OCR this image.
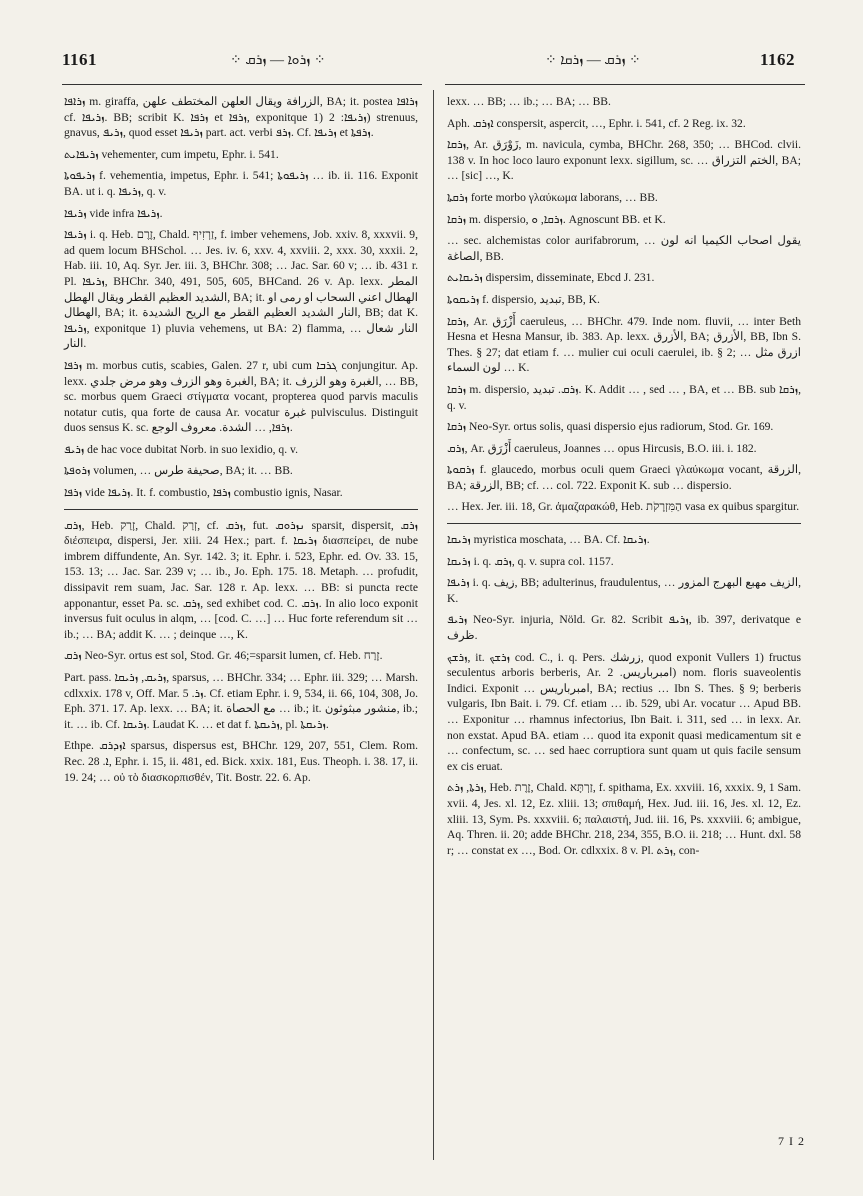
1161	⁘ ܙܪܘܐ — ܙܪܩ ⁘	⁘ ܙܪܩ — ܙܪܩܐ ⁘	1162

ܙܪܐܦܐ m. giraffa, الزرافة ويقال العلهن المختطف علهن, BA; it. postea ܙܪܐܦܐ cf. ܙܪܝܦܐ. BB; scribit K. ܙܪܦܐ et ܙܪܦܐ, exponitque 1) ܙܪܝܦܐ: 2) strenuus, gnavus, ܙܪܝܦ, quod esset ܙܪܝܦܐ part. act. verbi ܙܪܦ. Cf. ܙܪܝܦܐ et ܙܪܦܬܐ.

ܙܪܝܦܐܝܬ vehementer, cum impetu, Ephr. i. 541.

ܙܪܝܦܘܬܐ f. vehementia, impetus, Ephr. i. 541; ܙܪܝܦܘܬܐ … ib. ii. 116. Exponit BA. ut i. q. ܙܪܝܦܐ, q. v.

ܙܪܝܦܐ vide infra ܙܪܝܦܐ.

ܙܪܝܦܐ i. q. Heb. זֶרֶם, Chald. זַרְזִיף, f. imber vehemens, Job. xxiv. 8, xxxvii. 9, ad quem locum BHSchol. … Jes. iv. 6, xxv. 4, xxviii. 2, xxx. 30, xxxii. 2, Hab. iii. 10, Aq. Syr. Jer. iii. 3, BHChr. 308; … Jac. Sar. 60 v; … ib. 431 r. Pl. ܙܪܝܦܐ, BHChr. 340, 491, 505, 605, BHCand. 26 v. Ap. lexx. المطر الشديد العظيم القطر ويقال الهطل, BA; it. الهطال اعني السحاب او رمى او الهطال, BA; it. النار الشديد العظيم القطر مع الريح الشديدة, BB; dat K. ܙܪܝܦܐ, exponitque 1) pluvia vehemens, ut BA: 2) flamma, … النار شعال النار.

ܙܪܦܐ m. morbus cutis, scabies, Galen. 27 r, ubi cum ܓܪܒܐ conjungitur. Ap. lexx. الغبرة وهو الزرف وهو مرض جلدي, BA; it. الغبرة وهو الزرف, … BB, sc. morbus quem Graeci στίγματα vocant, propterea quod parvis maculis notatur cutis, qua forte de causa Ar. vocatur غبرة pulvisculus. Distinguit duos sensus K. sc. ܙܪܦܐ, … الشدة. معروف الوجع.

ܙܪܝܦ de hac voce dubitat Norb. in suo lexidio, q. v.

ܙܪܘܦܬܐ volumen, … صحيفة طرس, BA; it. … BB.

ܙܪܦܐ vide ܙܪܝܦܐ. It. f. combustio, ܙܪܦܐ combustio ignis, Nasar.

ܙܪܩ, Heb. זָרַק, Chald. זְרַק, cf. ܙܪܩ, fut. ܢܙܪܘܩ sparsit, dispersit, ܙܪܩ διέσπειρα, dispersi, Jer. xiii. 24 Hex.; part. f. ܙܪܝܩܐ διασπείρει, de nube imbrem diffundente, An. Syr. 142. 3; it. Ephr. i. 523, Ephr. ed. Ov. 33. 15, 153. 13; … Jac. Sar. 239 v; … ib., Jo. Eph. 175. 18. Metaph. … profudit, dissipavit rem suam, Jac. Sar. 128 r. Ap. lexx. … BB: si puncta recte apponantur, esset Pa. sc. ܙܪܩ, sed exhibet cod. C. ܙܪܩ. In alio loco exponit inversus fuit oculus in alqm, … [cod. C. …] … Huc forte referendum sit … ib.; … BA; addit K. … ; deinque …, K.

ܙܪܩ Neo-Syr. ortus est sol, Stod. Gr. 46;=sparsit lumen, cf. Heb. זָרַח.

Part. pass. ܙܪܝܩ, ܙܪܝܩܐ, sparsus, … BHChr. 334; … Ephr. iii. 329; … Marsh. cdlxxix. 178 v, Off. Mar. ܙܪ. 5. Cf. etiam Ephr. i. 9, 534, ii. 66, 104, 308, Jo. Eph. 371. 17. Ap. lexx. … BA; it. مع الحصاة … ib.; it. منشور مبثوثون, ib.; it. … ib. Cf. ܙܪܝܩܐ. Laudat K. … et dat f. ܙܪܝܩܬܐ, pl. ܙܪܝܩܬܐ.

Ethpe. ܐܙܕܪܩ sparsus, dispersus est, BHChr. 129, 207, 551, Clem. Rom. Rec. ܐ. 28, Ephr. i. 15, ii. 481, ed. Bick. xxix. 181, Eus. Theoph. i. 38. 17, ii. 19. 24; … οὐ τὸ διασκορπισθέν, Tit. Bostr. 22. 6. Ap.

lexx. … BB; … ib.; … BA; … BB.

Aph. ܐܙܪܩ conspersit, asperсit, …, Ephr. i. 541, cf. 2 Reg. ix. 32.

ܙܪܩܐ, Ar. زَوْرَق, m. navicula, cymba, BHChr. 268, 350; … BHCod. clvii. 138 v. In hoc loco lauro exponunt lexx. sigillum, sc. … الختم التزراق, BA; … [sic] …, K.

ܙܪܩܬܐ forte morbo γλαύκωμα laborans, … BB.

ܙܪܩܐ m. dispersio, ܙܪܩܐ, ܘ. Agnoscunt BB. et K.

… sec. alchemistas color aurifabrorum, … يقول اصحاب الكيميا انه لون الصاغة, BB.

ܙܪܝܩܐܝܬ dispersim, disseminate, Ebcd J. 231.

ܙܪܝܩܘܬܐ f. dispersio, تبديد, BB, K.

ܙܪܩܐ, Ar. أَزْرَق caeruleus, … BHChr. 479. Inde nom. fluvii, … inter Beth Hesna et Hesna Mansur, ib. 383. Ap. lexx. الأزرق, BA; الأزرق, BB, Ibn S. Thes. § 27; dat etiam f. … mulier cui oculi caerulei, ib. § 2; … ازرق مثل لون السماء … K.

ܙܪܩܐ m. dispersio, ܙܪܩ. تبديد. K. Addit … , sed … , BA, et … BB. sub ܙܪܩܐ, q. v.

ܙܪܩܐ Neo-Syr. ortus solis, quasi dispersio ejus radiorum, Stod. Gr. 169.

ܙܪܩ, Ar. أَزْرَق caeruleus, Joannes … opus Hircusis, B.O. iii. i. 182.

ܙܪܩܘܬܐ f. glaucedo, morbus oculi quem Graeci γλαύκωμα vocant, الزرقة, BA; الزرقة, BB; cf. … col. 722. Exponit K. sub … dispersio.

… Hex. Jer. iii. 18, Gr. ἀμαζαρακώθ, Heb. הַמִּזְרָקֹת vasa ex quibus spargitur.

ܙܪܝܩܐ myristica moschata, … BA. Cf. ܙܪܝܩܐ.

ܙܪܝܩܐ i. q. ܙܪܩ, q. v. supra col. 1157.

ܙܪܝܦܐ i. q. زيف, BB; adulterinus, fraudulentus, … الزيف مهبع البهرج المزور, K.

ܙܪܝܦ Neo-Syr. injuria, Nöld. Gr. 82. Scribit ܙܪܝܦ, ib. 397, derivatque e ظرف.

ܙܪܫܟ, it. ܙܪܫܟ cod. C., i. q. Pers. زرشك, quod exponit Vullers 1) fructus seculentus arboris berberis, Ar. امبرباريس. 2) nom. floris suaveolentis Indici. Exponit … امبرباريس, BA; rectius … Ibn S. Thes. § 9; berberis vulgaris, Ibn Bait. i. 79. Cf. etiam … ib. 529, ubi Ar. vocatur … Apud BB. … Exponitur … rhamnus infectorius, Ibn Bait. i. 311, sed … in lexx. Ar. non exstat. Apud BA. etiam … quod ita exponit quasi medicamentum sit e … confectum, sc. … sed haec corruptiora sunt quam ut quis facile sensum ex cis eruat.

ܙܪܬܐ, ܙܪܬ, Heb. זֶרֶת, Chald. זַרְתָּא, f. spithama, Ex. xxviii. 16, xxxix. 9, 1 Sam. xvii. 4, Jes. xl. 12, Ez. xliii. 13; σπιθαμή, Hex. Jud. iii. 16, Jes. xl. 12, Ez. xliii. 13, Sym. Ps. xxxviii. 6; παλαιστή, Jud. iii. 16, Ps. xxxviii. 6; ambigue, Aq. Thren. ii. 20; adde BHChr. 218, 234, 355, B.O. ii. 218; … Hunt. dxl. 58 r; … constat ex …, Bod. Or. cdlxxix. 8 v. Pl. ܙܪܬ, con-

7 I 2
